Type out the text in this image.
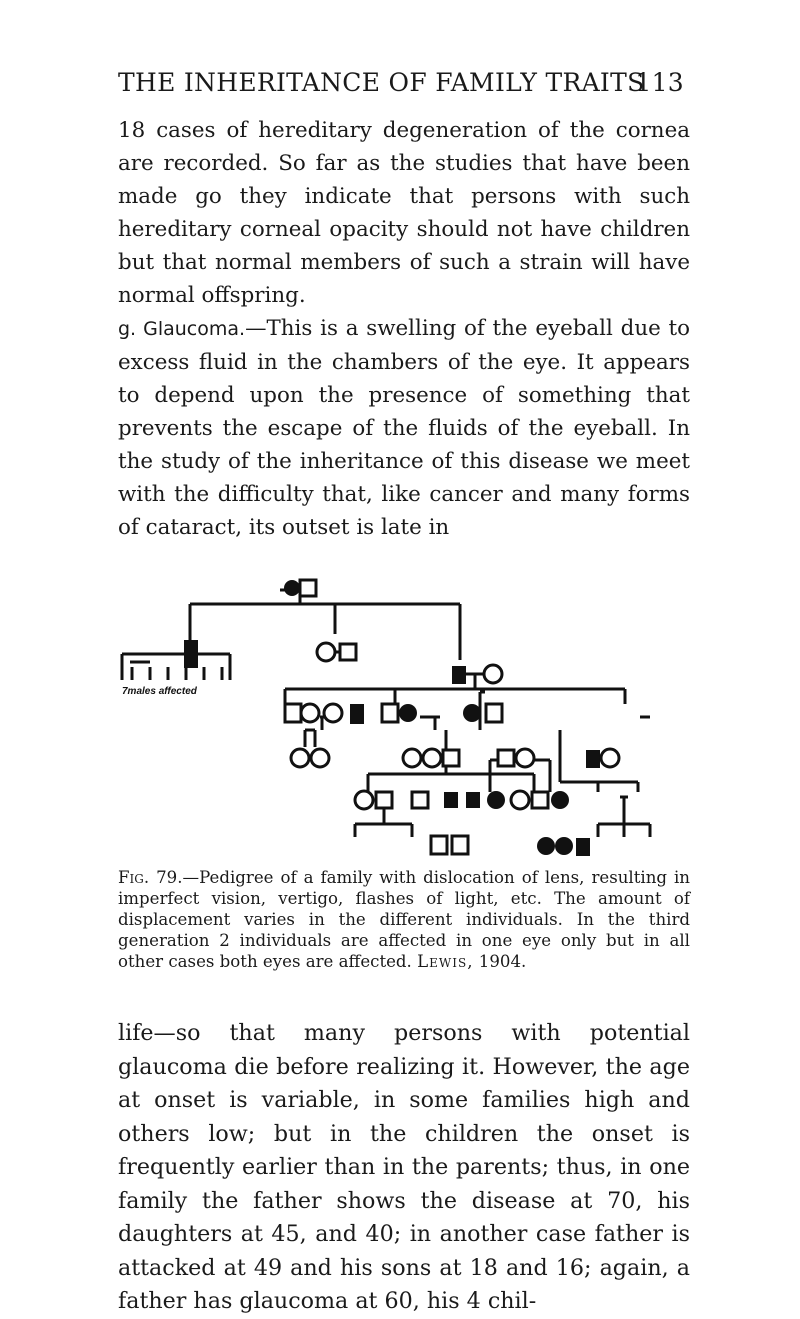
THE INHERITANCE OF FAMILY TRAITS
113
18 cases of hereditary degeneration of the cornea are recorded. So far as the studies that have been made go they indicate that persons with such hereditary corneal opacity should not have children but that normal members of such a strain will have normal offspring.
g. Glaucoma.—This is a swelling of the eyeball due to excess fluid in the chambers of the eye. It appears to depend upon the presence of something that prevents the escape of the fluids of the eyeball. In the study of the inheritance of this disease we meet with the difficulty that, like cancer and many forms of cataract, its outset is late in
7males affected
Fig. 79.—Pedigree of a family with dislocation of lens, resulting in imperfect vision, vertigo, flashes of light, etc. The amount of displacement varies in the different individuals. In the third generation 2 individuals are affected in one eye only but in all other cases both eyes are affected. Lewis, 1904.
life—so that many persons with potential glaucoma die before realizing it. However, the age at onset is variable, in some families high and others low; but in the children the onset is frequently earlier than in the parents; thus, in one family the father shows the disease at 70, his daughters at 45, and 40; in another case father is attacked at 49 and his sons at 18 and 16; again, a father has glaucoma at 60, his 4 chil-
